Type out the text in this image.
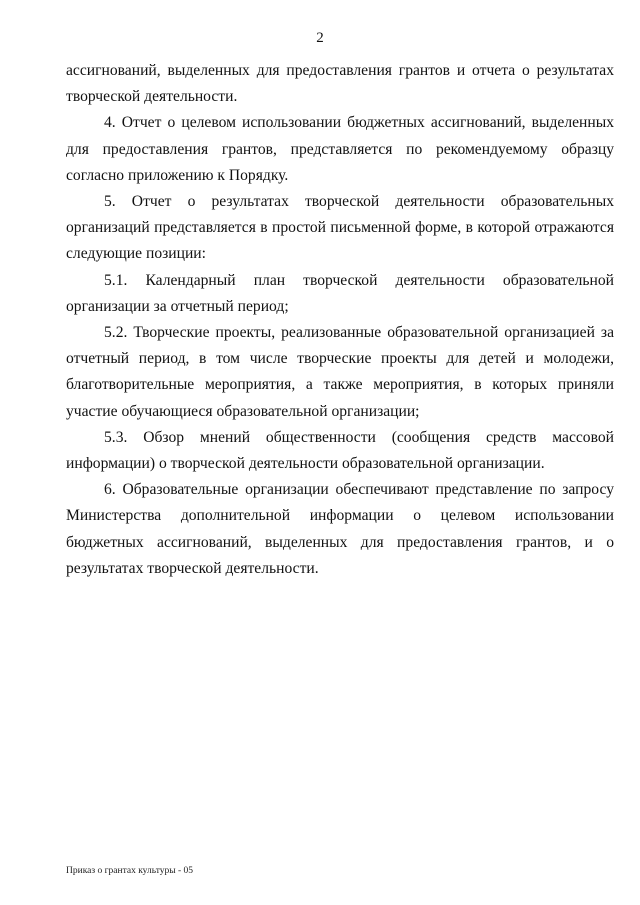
2

ассигнований, выделенных для предоставления грантов и отчета о результатах творческой деятельности.

4. Отчет о целевом использовании бюджетных ассигнований, выделенных для предоставления грантов, представляется по рекомендуемому образцу согласно приложению к Порядку.

5. Отчет о результатах творческой деятельности образовательных организаций представляется в простой письменной форме, в которой отражаются следующие позиции:

5.1. Календарный план творческой деятельности образовательной организации за отчетный период;

5.2. Творческие проекты, реализованные образовательной организацией за отчетный период, в том числе творческие проекты для детей и молодежи, благотворительные мероприятия, а также мероприятия, в которых приняли участие обучающиеся образовательной организации;

5.3. Обзор мнений общественности (сообщения средств массовой информации) о творческой деятельности образовательной организации.

6. Образовательные организации обеспечивают представление по запросу Министерства дополнительной информации о целевом использовании бюджетных ассигнований, выделенных для предоставления грантов, и о результатах творческой деятельности.

Приказ о грантах культуры - 05
